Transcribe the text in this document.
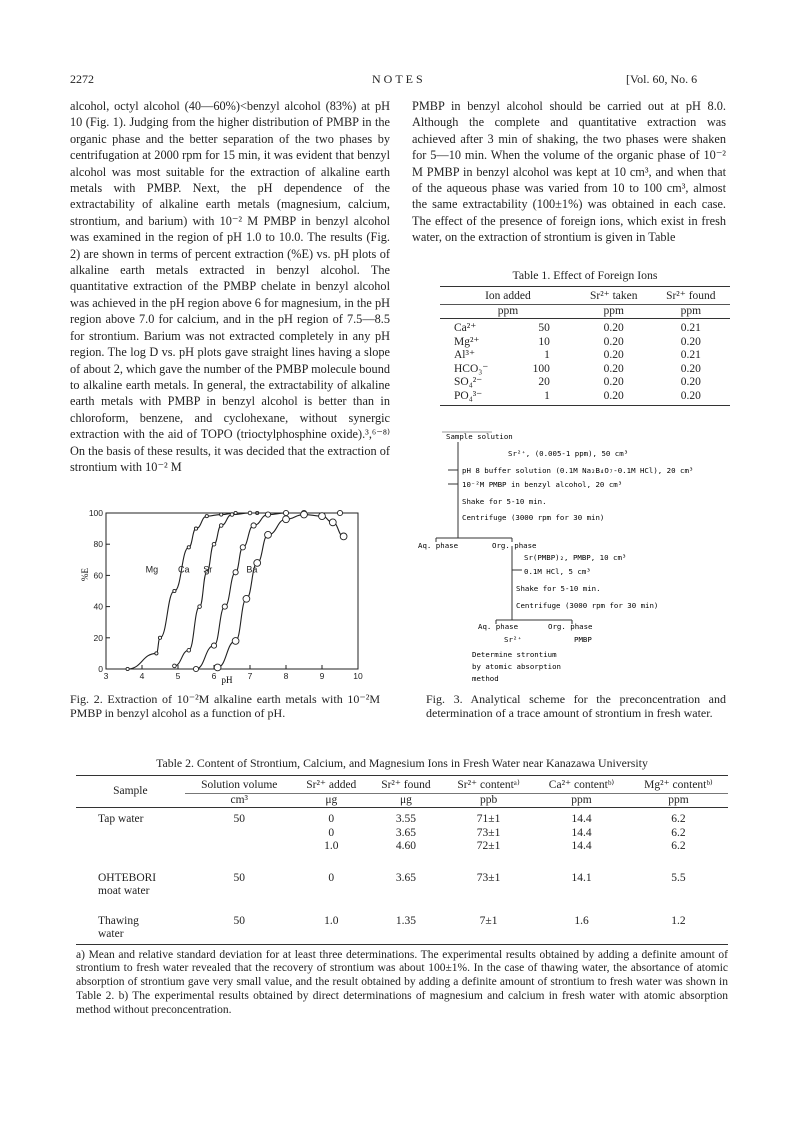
2272	NOTES	[Vol. 60, No. 6

alcohol, octyl alcohol (40—60%)<benzyl alcohol (83%) at pH 10 (Fig. 1). Judging from the higher distribution of PMBP in the organic phase and the better separation of the two phases by centrifugation at 2000 rpm for 15 min, it was evident that benzyl alcohol was most suitable for the extraction of alkaline earth metals with PMBP. Next, the pH dependence of the extractability of alkaline earth metals (magnesium, calcium, strontium, and barium) with 10⁻² M PMBP in benzyl alcohol was examined in the region of pH 1.0 to 10.0. The results (Fig. 2) are shown in terms of percent extraction (%E) vs. pH plots of alkaline earth metals extracted in benzyl alcohol. The quantitative extraction of the PMBP chelate in benzyl alcohol was achieved in the pH region above 6 for magnesium, in the pH region above 7.0 for calcium, and in the pH region of 7.5—8.5 for strontium. Barium was not extracted completely in any pH region. The log D vs. pH plots gave straight lines having a slope of about 2, which gave the number of the PMBP molecule bound to alkaline earth metals. In general, the extractability of alkaline earth metals with PMBP in benzyl alcohol is better than in chloroform, benzene, and cyclohexane, without synergic extraction with the aid of TOPO (trioctylphosphine oxide).³,⁶⁻⁸⁾ On the basis of these results, it was decided that the extraction of strontium with 10⁻² M

PMBP in benzyl alcohol should be carried out at pH 8.0. Although the complete and quantitative extraction was achieved after 3 min of shaking, the two phases were shaken for 5—10 min. When the volume of the organic phase of 10⁻² M PMBP in benzyl alcohol was kept at 10 cm³, and when that of the aqueous phase was varied from 10 to 100 cm³, almost the same extractability (100±1%) was obtained in each case. The effect of the presence of foreign ions, which exist in fresh water, on the extraction of strontium is given in Table

Table 1. Effect of Foreign Ions
Ion added		Sr²⁺ taken	Sr²⁺ found
ppm		ppm	ppm
Ca²⁺	50	0.20	0.21
Mg²⁺	10	0.20	0.20
Al³⁺	1	0.20	0.21
HCO₃⁻	100	0.20	0.20
SO₄²⁻	20	0.20	0.20
PO₄³⁻	1	0.20	0.20
Sample solution
Sr²⁺, (0.005-1 ppm), 50 cm³
pH 8 buffer solution (0.1M Na₂B₄O₇-0.1M HCl), 20 cm³
10⁻²M PMBP in benzyl alcohol, 20 cm³
Shake for 5-10 min.
Centrifuge (3000 rpm for 30 min)
Aq. phase	Org. phase
Sr(PMBP)₂, PMBP, 10 cm³
0.1M HCl, 5 cm³
Shake for 5-10 min.
Centrifuge (3000 rpm for 30 min)
Aq. phase	Org. phase
Sr²⁺	PMBP
Determine strontium
by atomic absorption
method
3	4	5	6	7	8	9	10
0
20
40
60
80
100
Mg Ca Sr	Ba
%E
pH
Fig. 2. Extraction of 10⁻²M alkaline earth metals with 10⁻²M PMBP in benzyl alcohol as a function of pH.
Fig. 3. Analytical scheme for the preconcentration and determination of a trace amount of strontium in fresh water.
Table 2. Content of Strontium, Calcium, and Magnesium Ions in Fresh Water near Kanazawa University
Sample	Solution volume	Sr²⁺ added	Sr²⁺ found	Sr²⁺ contentᵃ⁾	Ca²⁺ contentᵇ⁾	Mg²⁺ contentᵇ⁾
	cm³	μg	μg	ppb	ppm	ppm
Tap water	50	0	3.55	71±1	14.4	6.2
		0	3.65	73±1	14.4	6.2
		1.0	4.60	72±1	14.4	6.2
OHTEBORI
moat water	50	0	3.65	73±1	14.1	5.5
Thawing
water	50	1.0	1.35	7±1	1.6	1.2
a) Mean and relative standard deviation for at least three determinations. The experimental results obtained by adding a definite amount of strontium to fresh water revealed that the recovery of strontium was about 100±1%. In the case of thawing water, the absortance of atomic absorption of strontium gave very small value, and the result obtained by adding a definite amount of strontium to fresh water was shown in Table 2. b) The experimental results obtained by direct determinations of magnesium and calcium in fresh water with atomic absorption method without preconcentration.
